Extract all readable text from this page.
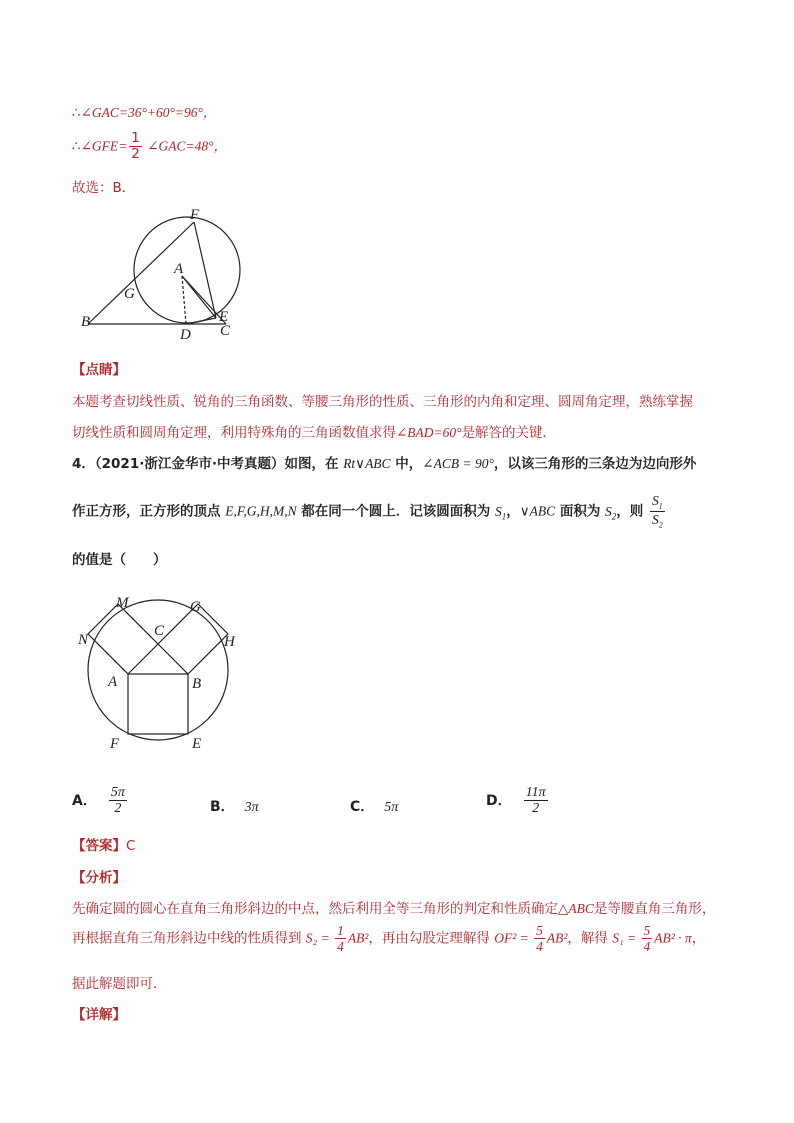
∴∠GAC=36°+60°=96°，
∴∠GFE= $\frac{1}{2}$ ∠GAC=48°，
故选：B．
F
A
G
E
B
D C
【点睛】
本题考查切线性质、锐角的三角函数、等腰三角形的性质、三角形的内角和定理、圆周角定理，熟练掌握
切线性质和圆周角定理，利用特殊角的三角函数值求得∠BAD=60°是解答的关键．
4．（2021·浙江金华市·中考真题）如图，在 Rt∨ABC 中，∠ACB = 90°，以该三角形的三条边为边向形外
作正方形，正方形的顶点 E,F,G,H,M,N 都在同一个圆上．记该圆面积为 $S_1$，∨ABC 面积为 $S_2$，则 $\frac{S_1}{S_2}$
的值是（　　）
M	G
N
C
H
A	B
F	E
A． $\frac{5\pi}{2}$	B． 3π	C． 5π	D． $\frac{11\pi}{2}$
【答案】C
【分析】
先确定圆的圆心在直角三角形斜边的中点，然后利用全等三角形的判定和性质确定△ABC是等腰直角三角形，
再根据直角三角形斜边中线的性质得到 $S_2 = \frac{1}{4} AB^2$，再由勾股定理解得 $OF^2 = \frac{5}{4} AB^2$，解得 $S_1 = \frac{5}{4} AB^2 \cdot \pi$，
据此解题即可．
【详解】
